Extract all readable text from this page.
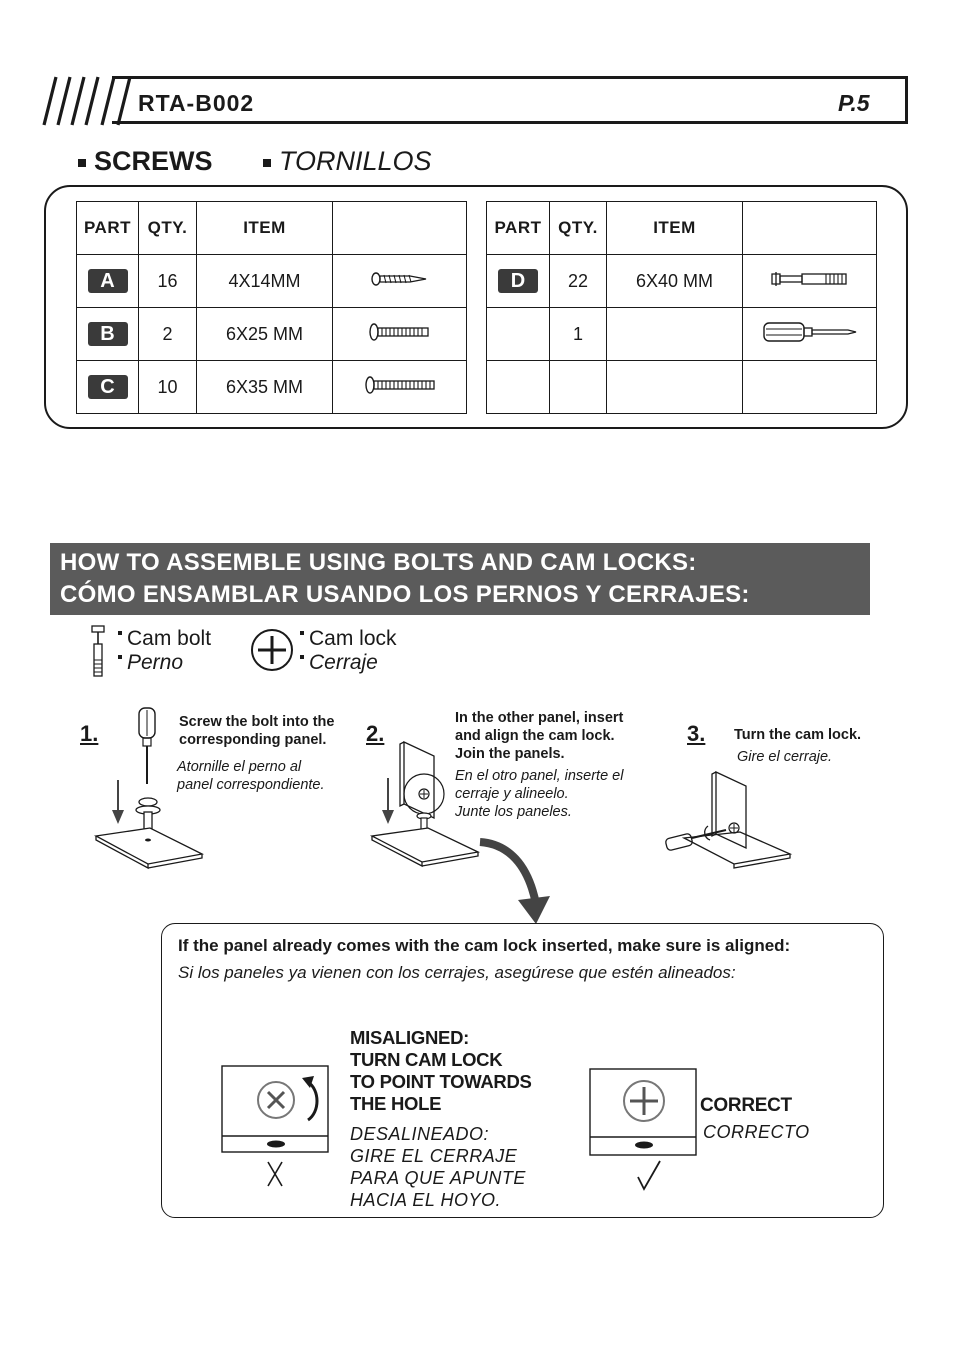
RTA-B002	P.5
SCREWS	TORNILLOS
PART	QTY.	ITEM	
A	16	4X14MM	
B	2	6X25 MM	
C	10	6X35 MM	
PART	QTY.	ITEM	
D	22	6X40 MM	
	1		

HOW TO ASSEMBLE USING BOLTS AND CAM LOCKS:
CÓMO ENSAMBLAR USANDO LOS PERNOS Y CERRAJES:
Cam bolt
Perno
Cam lock
Cerraje
1.	Screw the bolt into the
corresponding panel.
Atornille el perno al
panel correspondiente.
2.
In the other panel, insert
and align the cam lock.
Join the panels.
En el otro panel, inserte el
cerraje y alineelo.
Junte los paneles.
3. Turn the cam lock.
Gire el cerraje.
If the panel already comes with the cam lock inserted, make sure is aligned:
Si los paneles ya vienen con los cerrajes, asegúrese que estén alineados:
MISALIGNED:
TURN CAM LOCK
TO POINT TOWARDS
THE HOLE
DESALINEADO:
GIRE EL CERRAJE
PARA QUE APUNTE
HACIA EL HOYO.
CORRECT
CORRECTO
